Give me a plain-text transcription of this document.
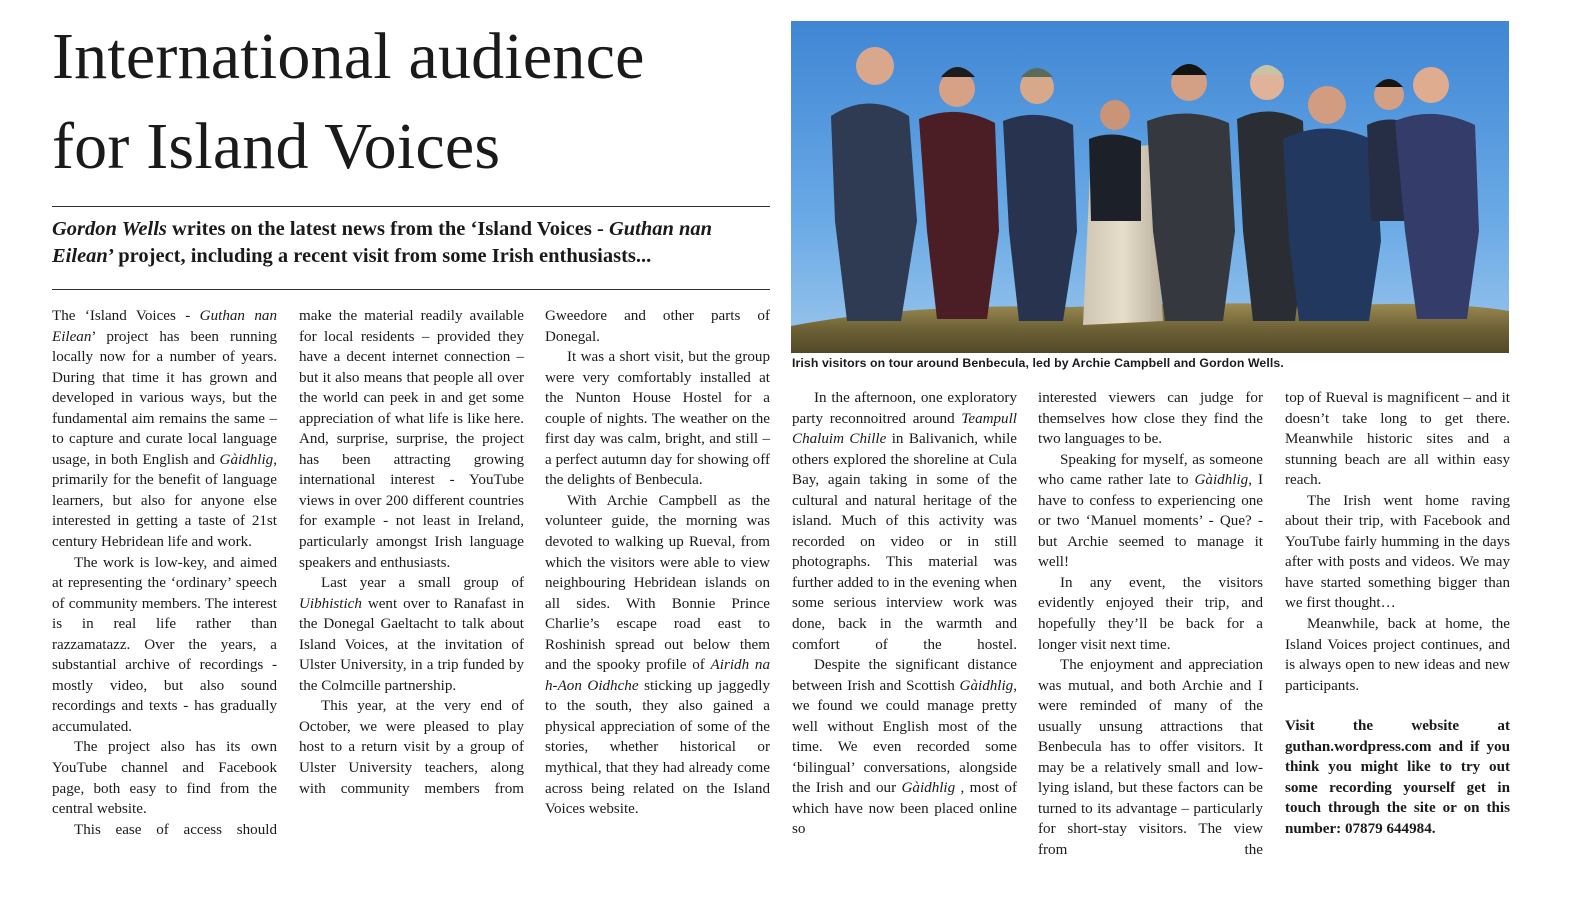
International audience
for Island Voices

Gordon Wells writes on the latest news from the ‘Island Voices - Guthan nan Eilean’ project, including a recent visit from some Irish enthusiasts...

The ‘Island Voices - Guthan nan Eilean’ project has been running locally now for a number of years. During that time it has grown and developed in various ways, but the fundamental aim remains the same – to capture and curate local language usage, in both English and Gàidhlig, primarily for the benefit of language learners, but also for anyone else interested in getting a taste of 21st century Hebridean life and work.

The work is low-key, and aimed at representing the ‘ordinary’ speech of community members. The interest is in real life rather than razzamatazz. Over the years, a substantial archive of recordings - mostly video, but also sound recordings and texts - has gradually accumulated.

The project also has its own YouTube channel and Facebook page, both easy to find from the central website.

This ease of access should

make the material readily available for local residents – provided they have a decent internet connection – but it also means that people all over the world can peek in and get some appreciation of what life is like here. And, surprise, surprise, the project has been attracting growing international interest - YouTube views in over 200 different countries for example - not least in Ireland, particularly amongst Irish language speakers and enthusiasts.

Last year a small group of Uibhistich went over to Ranafast in the Donegal Gaeltacht to talk about Island Voices, at the invitation of Ulster University, in a trip funded by the Colmcille partnership.

This year, at the very end of October, we were pleased to play host to a return visit by a group of Ulster University teachers, along with community members from

Gweedore and other parts of Donegal.

It was a short visit, but the group were very comfortably installed at the Nunton House Hostel for a couple of nights. The weather on the first day was calm, bright, and still – a perfect autumn day for showing off the delights of Benbecula.

With Archie Campbell as the volunteer guide, the morning was devoted to walking up Rueval, from which the visitors were able to view neighbouring Hebridean islands on all sides. With Bonnie Prince Charlie’s escape road east to Roshinish spread out below them and the spooky profile of Airidh na h-Aon Oidhche sticking up jaggedly to the south, they also gained a physical appreciation of some of the stories, whether historical or mythical, that they had already come across being related on the Island Voices website.

Irish visitors on tour around Benbecula, led by Archie Campbell and Gordon Wells.

In the afternoon, one exploratory party reconnoitred around Teampull Chaluim Chille in Balivanich, while others explored the shoreline at Cula Bay, again taking in some of the cultural and natural heritage of the island. Much of this activity was recorded on video or in still photographs. This material was further added to in the evening when some serious interview work was done, back in the warmth and comfort of the hostel.

Despite the significant distance between Irish and Scottish Gàidhlig, we found we could manage pretty well without English most of the time. We even recorded some ‘bilingual’ conversations, alongside the Irish and our Gàidhlig , most of which have now been placed online so

interested viewers can judge for themselves how close they find the two languages to be.

Speaking for myself, as someone who came rather late to Gàidhlig, I have to confess to experiencing one or two ‘Manuel moments’ - Que? - but Archie seemed to manage it well!

In any event, the visitors evidently enjoyed their trip, and hopefully they’ll be back for a longer visit next time.

The enjoyment and appreciation was mutual, and both Archie and I were reminded of many of the usually unsung attractions that Benbecula has to offer visitors. It may be a relatively small and low-lying island, but these factors can be turned to its advantage – particularly for short-stay visitors. The view from the

top of Rueval is magnificent – and it doesn’t take long to get there. Meanwhile historic sites and a stunning beach are all within easy reach.

The Irish went home raving about their trip, with Facebook and YouTube fairly humming in the days after with posts and videos. We may have started something bigger than we first thought…

Meanwhile, back at home, the Island Voices project continues, and is always open to new ideas and new participants.

Visit the website at guthan.wordpress.com and if you think you might like to try out some recording yourself get in touch through the site or on this number: 07879 644984.
